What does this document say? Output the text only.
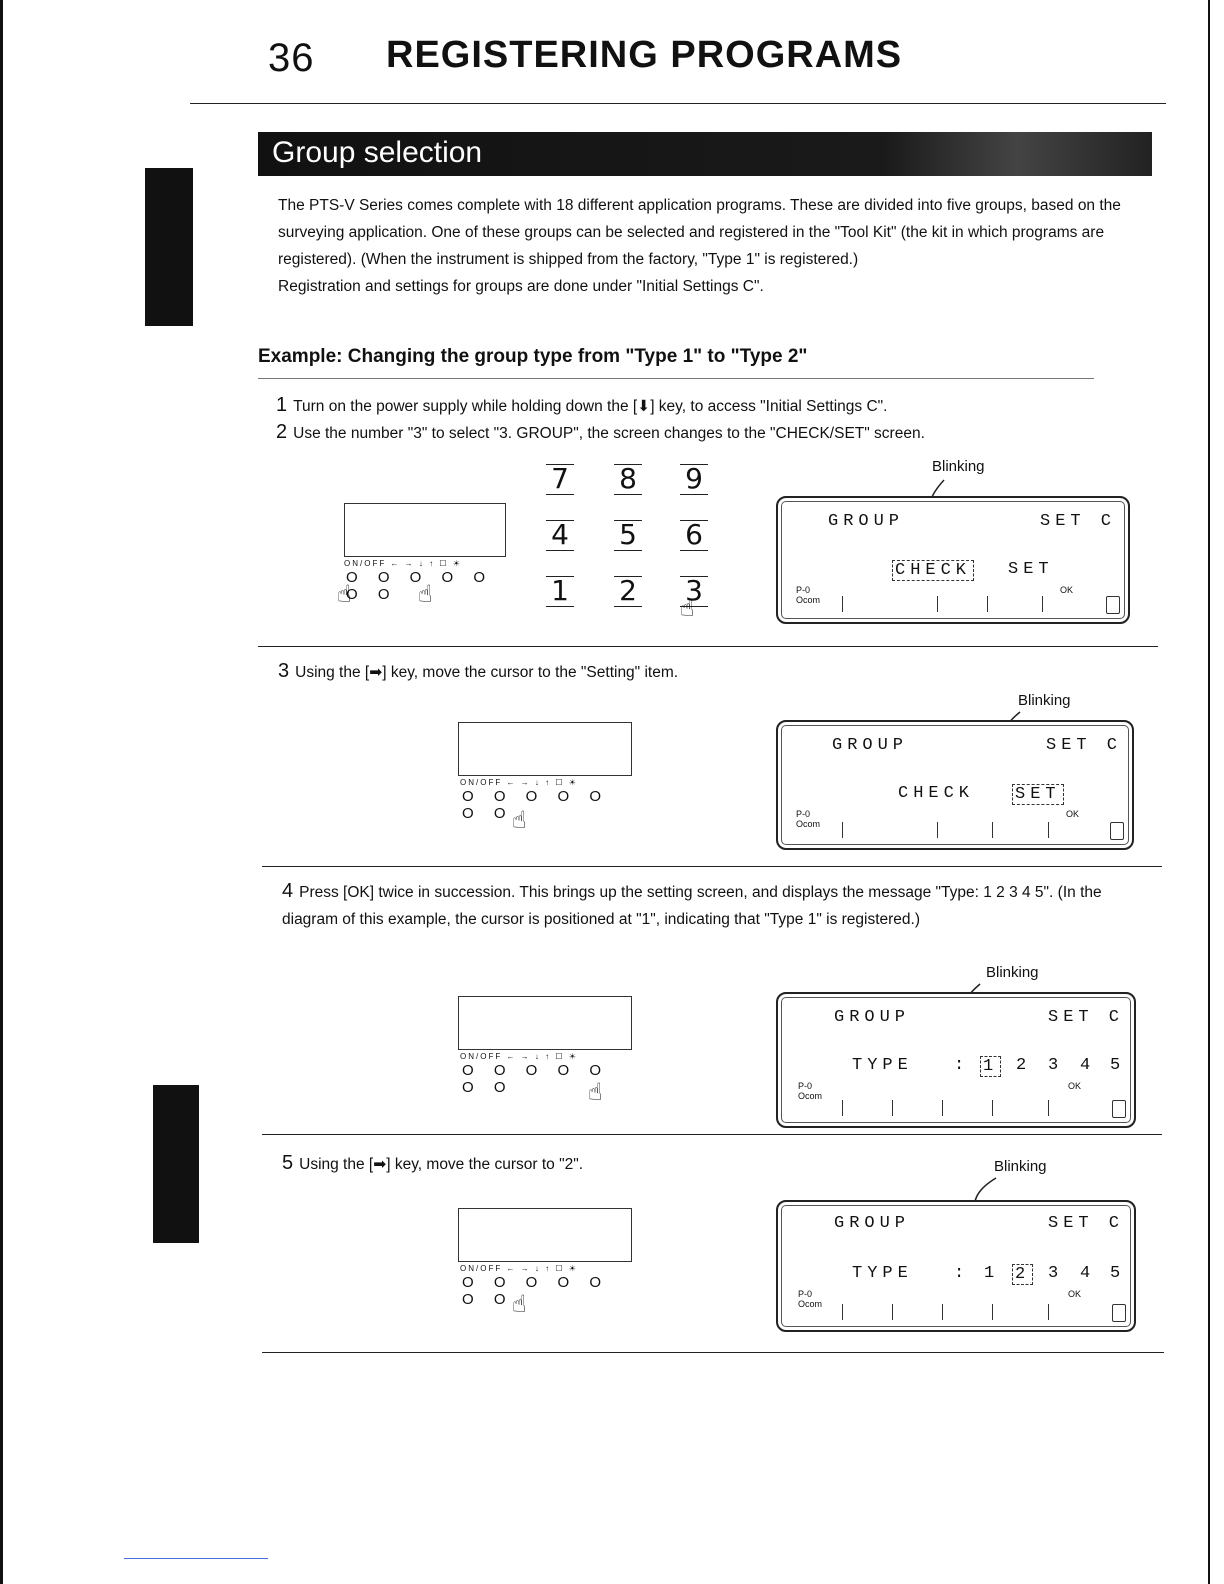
36 REGISTERING PROGRAMS
Group selection

The PTS-V Series comes complete with 18 different application programs. These are divided into five groups, based on the surveying application. One of these groups can be selected and registered in the "Tool Kit" (the kit in which programs are registered). (When the instrument is shipped from the factory, "Type 1" is registered.)

Registration and settings for groups are done under "Initial Settings C".

Example: Changing the group type from "Type 1" to "Type 2"
1 Turn on the power supply while holding down the [⬇] key, to access "Initial Settings C".
2 Use the number "3" to select "3. GROUP", the screen changes to the "CHECK/SET" screen.
ON/OFF ← → ↓ ↑ ☐ ☀
O O O O O O O
☝	☝
7	8	9
4	5	6
1	2	3
☝
Blinking
GROUP	SET C
CHECK SET
P-0
Ocom
OK
3 Using the [➡] key, move the cursor to the "Setting" item.
ON/OFF ← → ↓ ↑ ☐ ☀
O O O O O O O
☝
Blinking
GROUP	SET C
CHECK SET
P-0
Ocom
OK
4 Press [OK] twice in succession. This brings up the setting screen, and displays the message "Type: 1 2 3 4 5". (In the diagram of this example, the cursor is positioned at "1", indicating that "Type 1" is registered.)
ON/OFF ← → ↓ ↑ ☐ ☀
O O O O O O O	☝
Blinking
GROUP	SET C
TYPE : 1 2 3 4 5
P-0
Ocom
OK
5 Using the [➡] key, move the cursor to "2".
ON/OFF ← → ↓ ↑ ☐ ☀
O O O O O O O
☝
Blinking
GROUP	SET C
TYPE : 1 2 3 4 5
P-0
Ocom
OK
